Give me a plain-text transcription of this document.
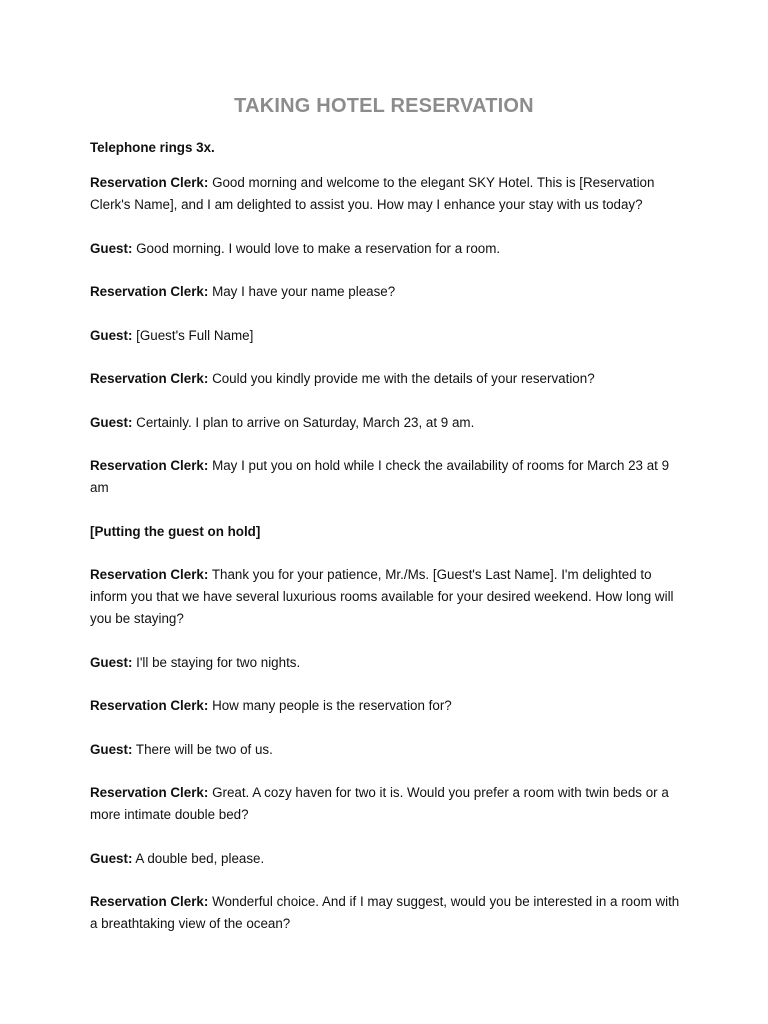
TAKING HOTEL RESERVATION

Telephone rings 3x.

Reservation Clerk: Good morning and welcome to the elegant SKY Hotel. This is [Reservation Clerk's Name], and I am delighted to assist you. How may I enhance your stay with us today?

Guest: Good morning. I would love to make a reservation for a room.

Reservation Clerk: May I have your name please?

Guest: [Guest's Full Name]

Reservation Clerk: Could you kindly provide me with the details of your reservation?

Guest: Certainly. I plan to arrive on Saturday, March 23, at 9 am.

Reservation Clerk: May I put you on hold while I check the availability of rooms for March 23 at 9 am

[Putting the guest on hold]

Reservation Clerk: Thank you for your patience, Mr./Ms. [Guest's Last Name]. I'm delighted to inform you that we have several luxurious rooms available for your desired weekend. How long will you be staying?

Guest: I'll be staying for two nights.

Reservation Clerk: How many people is the reservation for?

Guest: There will be two of us.

Reservation Clerk: Great. A cozy haven for two it is. Would you prefer a room with twin beds or a more intimate double bed?

Guest: A double bed, please.

Reservation Clerk: Wonderful choice. And if I may suggest, would you be interested in a room with a breathtaking view of the ocean?
